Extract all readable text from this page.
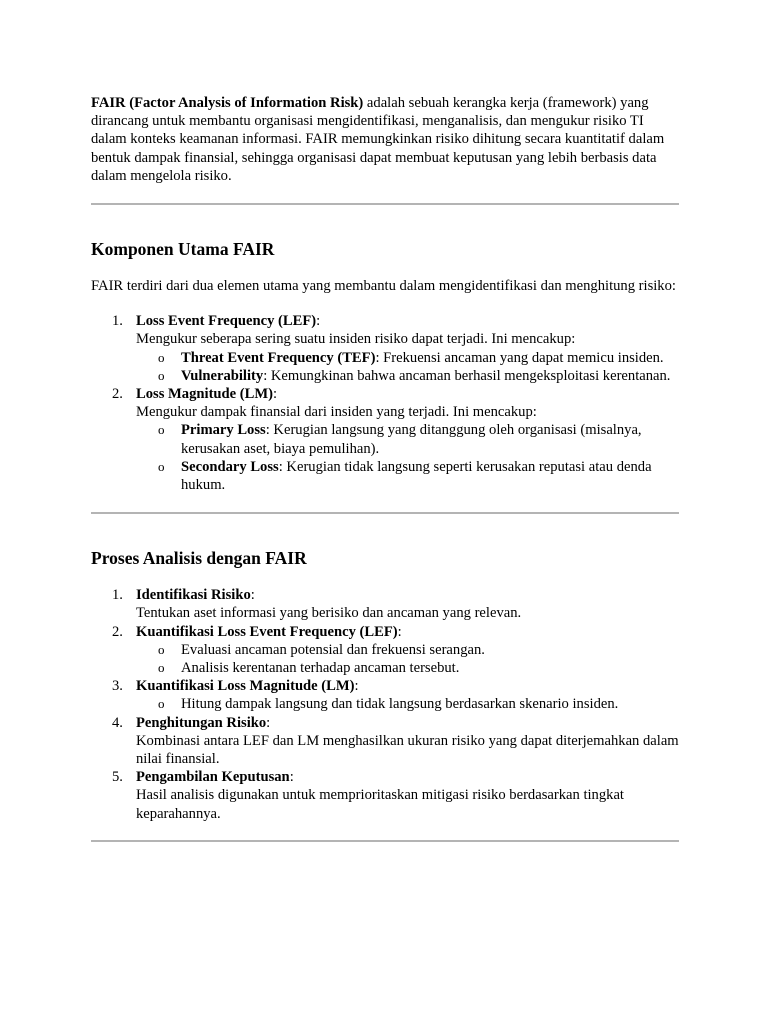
FAIR (Factor Analysis of Information Risk) adalah sebuah kerangka kerja (framework) yang dirancang untuk membantu organisasi mengidentifikasi, menganalisis, dan mengukur risiko TI dalam konteks keamanan informasi. FAIR memungkinkan risiko dihitung secara kuantitatif dalam bentuk dampak finansial, sehingga organisasi dapat membuat keputusan yang lebih berbasis data dalam mengelola risiko.

Komponen Utama FAIR

FAIR terdiri dari dua elemen utama yang membantu dalam mengidentifikasi dan menghitung risiko:

1. Loss Event Frequency (LEF):
Mengukur seberapa sering suatu insiden risiko dapat terjadi. Ini mencakup:
o Threat Event Frequency (TEF): Frekuensi ancaman yang dapat memicu insiden.
o Vulnerability: Kemungkinan bahwa ancaman berhasil mengeksploitasi kerentanan.
2. Loss Magnitude (LM):
Mengukur dampak finansial dari insiden yang terjadi. Ini mencakup:
o Primary Loss: Kerugian langsung yang ditanggung oleh organisasi (misalnya, kerusakan aset, biaya pemulihan).
o Secondary Loss: Kerugian tidak langsung seperti kerusakan reputasi atau denda hukum.
Proses Analisis dengan FAIR
1. Identifikasi Risiko:
Tentukan aset informasi yang berisiko dan ancaman yang relevan.
2. Kuantifikasi Loss Event Frequency (LEF):
o Evaluasi ancaman potensial dan frekuensi serangan.
o Analisis kerentanan terhadap ancaman tersebut.
3. Kuantifikasi Loss Magnitude (LM):
o Hitung dampak langsung dan tidak langsung berdasarkan skenario insiden.
4. Penghitungan Risiko:
Kombinasi antara LEF dan LM menghasilkan ukuran risiko yang dapat diterjemahkan dalam nilai finansial.
5. Pengambilan Keputusan:
Hasil analisis digunakan untuk memprioritaskan mitigasi risiko berdasarkan tingkat keparahannya.
